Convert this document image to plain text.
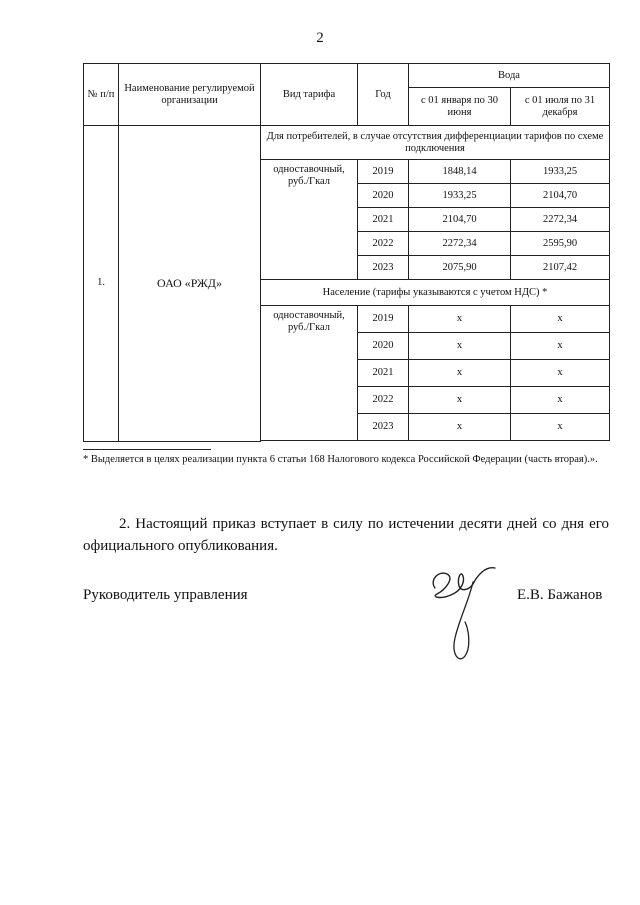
2
№ п/п	Наименование регулируемой организации	Вид тарифа	Год	Вода	
				с 01 января по 30 июня	с 01 июля по 31 декабря
1.	ОАО «РЖД»	Для потребителей, в случае отсутствия дифференциации тарифов по схеме подключения			
		одноставочный, руб./Гкал	2019	1848,14	1933,25
			2020	1933,25	2104,70
			2021	2104,70	2272,34
			2022	2272,34	2595,90
			2023	2075,90	2107,42
		Население (тарифы указываются с учетом НДС) *			
		одноставочный, руб./Гкал	2019	х	х
			2020	х	х
			2021	х	х
			2022	х	х
			2023	х	х

* Выделяется в целях реализации пункта 6 статьи 168 Налогового кодекса Российской Федерации (часть вторая).».
2. Настоящий приказ вступает в силу по истечении десяти дней со дня его официального опубликования.
Руководитель управления	Е.В. Бажанов
